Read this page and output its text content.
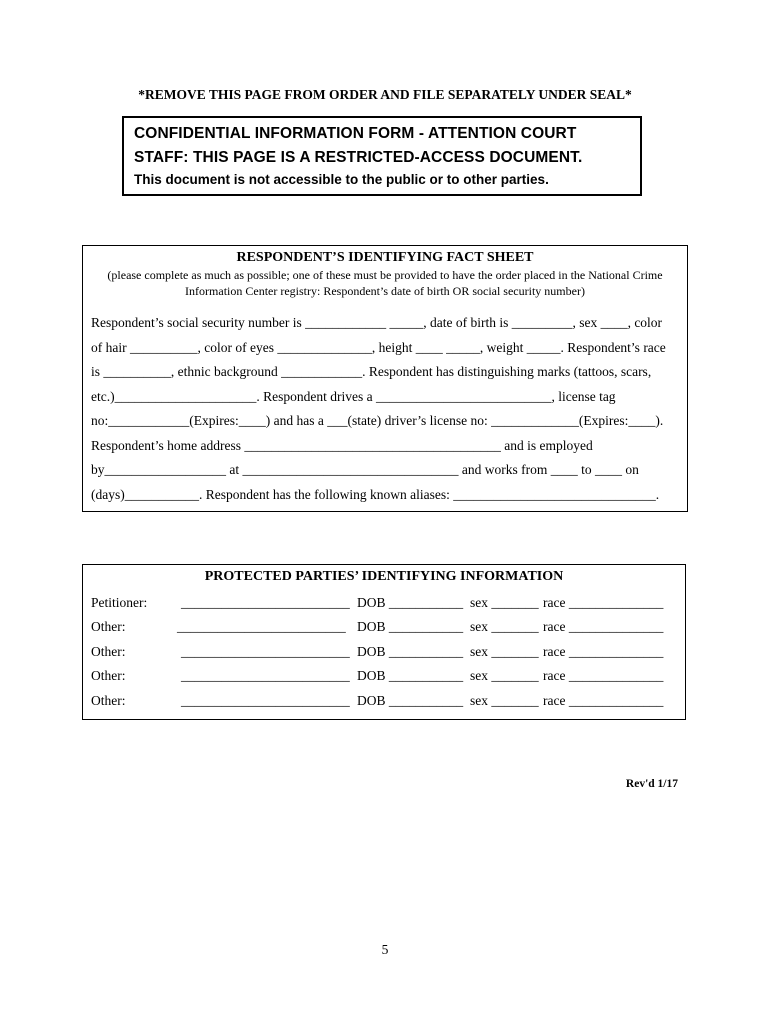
*REMOVE THIS PAGE FROM ORDER AND FILE SEPARATELY UNDER SEAL*
CONFIDENTIAL INFORMATION FORM - ATTENTION COURT
STAFF: THIS PAGE IS A RESTRICTED-ACCESS DOCUMENT.
This document is not accessible to the public or to other parties.
RESPONDENT’S IDENTIFYING FACT SHEET
(please complete as much as possible; one of these must be provided to have the order placed in the National Crime Information Center registry: Respondent’s date of birth OR social security number)
Respondent’s social security number is ____________ _____, date of birth is _________, sex ____, color
of hair __________, color of eyes ______________, height ____ _____, weight _____. Respondent’s race
is __________, ethnic background ____________. Respondent has distinguishing marks (tattoos, scars,
etc.)_____________________. Respondent drives a __________________________, license tag
no:____________(Expires:____) and has a ___(state) driver’s license no: _____________(Expires:____).
Respondent’s home address ______________________________________ and is employed
by__________________ at ________________________________ and works from ____ to ____ on
(days)___________. Respondent has the following known aliases: ______________________________.
PROTECTED PARTIES’ IDENTIFYING INFORMATION
Petitioner:	_________________________ DOB ___________ sex _______ race ______________
Other:	_________________________ DOB ___________ sex _______ race ______________
Other:	_________________________ DOB ___________ sex _______ race ______________
Other:	_________________________ DOB ___________ sex _______ race ______________
Other:	_________________________ DOB ___________ sex _______ race ______________
Rev'd 1/17
5
